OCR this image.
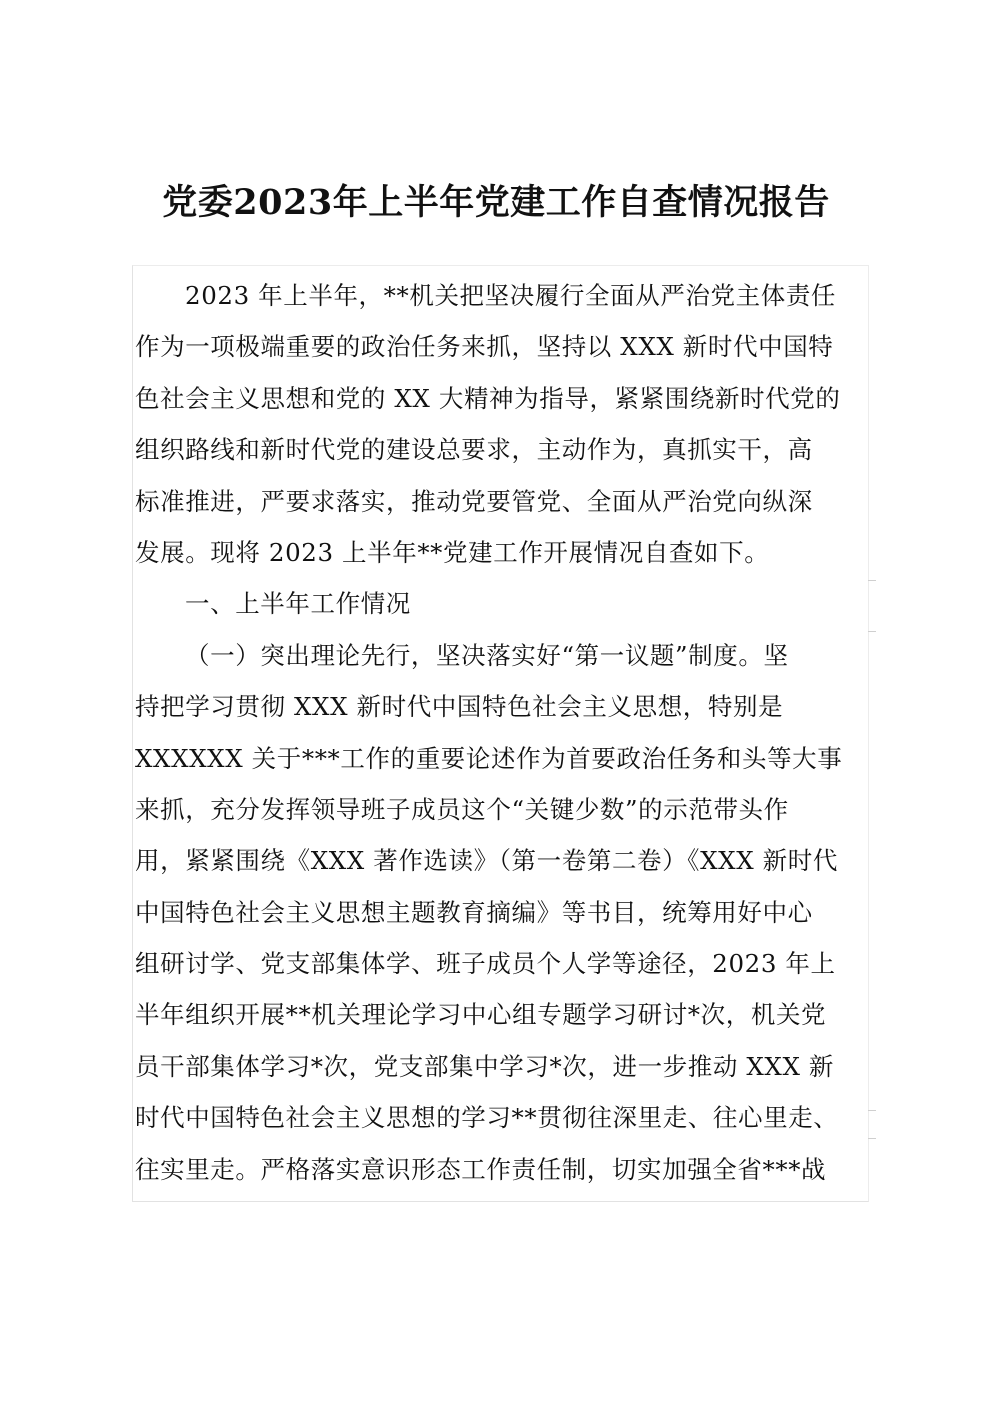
党委2023年上半年党建工作自查情况报告
2023 年上半年，**机关把坚决履行全面从严治党主体责任
作为一项极端重要的政治任务来抓，坚持以 XXX 新时代中国特
色社会主义思想和党的 XX 大精神为指导，紧紧围绕新时代党的
组织路线和新时代党的建设总要求，主动作为，真抓实干，高
标准推进，严要求落实，推动党要管党、全面从严治党向纵深
发展。现将 2023 上半年**党建工作开展情况自查如下。
一、上半年工作情况
（一）突出理论先行，坚决落实好“第一议题”制度。坚
持把学习贯彻 XXX 新时代中国特色社会主义思想，特别是
XXXXXX 关于***工作的重要论述作为首要政治任务和头等大事
来抓，充分发挥领导班子成员这个“关键少数”的示范带头作
用，紧紧围绕《XXX 著作选读》（第一卷第二卷）《XXX 新时代
中国特色社会主义思想主题教育摘编》等书目，统筹用好中心
组研讨学、党支部集体学、班子成员个人学等途径，2023 年上
半年组织开展**机关理论学习中心组专题学习研讨*次，机关党
员干部集体学习*次，党支部集中学习*次，进一步推动 XXX 新
时代中国特色社会主义思想的学习**贯彻往深里走、往心里走、
往实里走。严格落实意识形态工作责任制，切实加强全省***战
